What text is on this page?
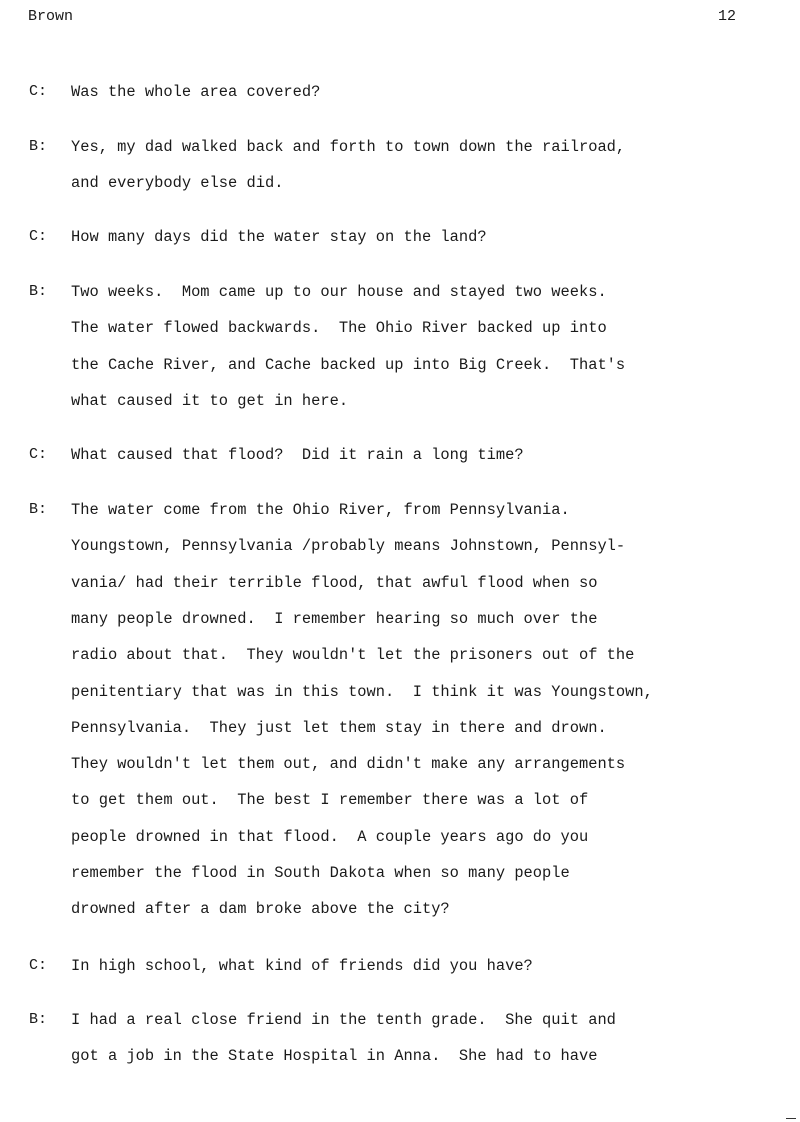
Brown	12
C: Was the whole area covered?
B: Yes, my dad walked back and forth to town down the railroad,
and everybody else did.
C: How many days did the water stay on the land?
B: Two weeks.  Mom came up to our house and stayed two weeks.
The water flowed backwards.  The Ohio River backed up into
the Cache River, and Cache backed up into Big Creek.  That's
what caused it to get in here.
C: What caused that flood?  Did it rain a long time?
B: The water come from the Ohio River, from Pennsylvania.
Youngstown, Pennsylvania /probably means Johnstown, Pennsyl-
vania/ had their terrible flood, that awful flood when so
many people drowned.  I remember hearing so much over the
radio about that.  They wouldn't let the prisoners out of the
penitentiary that was in this town.  I think it was Youngstown,
Pennsylvania.  They just let them stay in there and drown.
They wouldn't let them out, and didn't make any arrangements
to get them out.  The best I remember there was a lot of
people drowned in that flood.  A couple years ago do you
remember the flood in South Dakota when so many people
drowned after a dam broke above the city?
C: In high school, what kind of friends did you have?
B: I had a real close friend in the tenth grade.  She quit and
got a job in the State Hospital in Anna.  She had to have
